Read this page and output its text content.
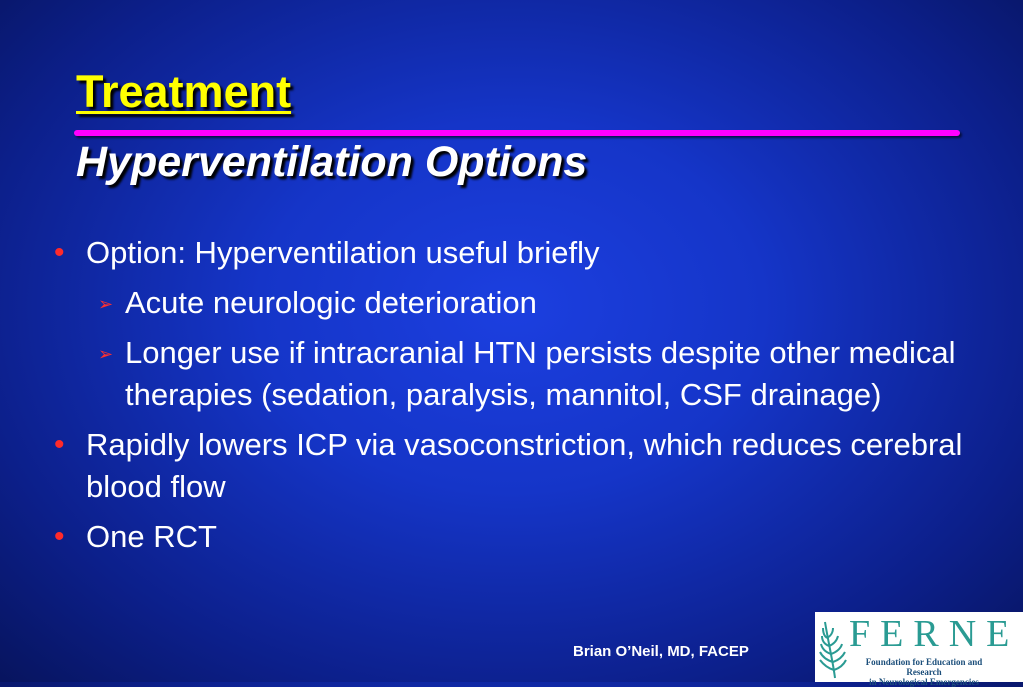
Treatment
Hyperventilation Options
• Option: Hyperventilation useful briefly
➢ Acute neurologic deterioration
➢ Longer use if intracranial HTN persists despite other medical therapies (sedation, paralysis, mannitol, CSF drainage)
• Rapidly lowers ICP via vasoconstriction, which reduces cerebral blood flow
• One RCT
Brian O’Neil, MD, FACEP	FERNE
Foundation for Education and Research
in Neurological Emergencies
